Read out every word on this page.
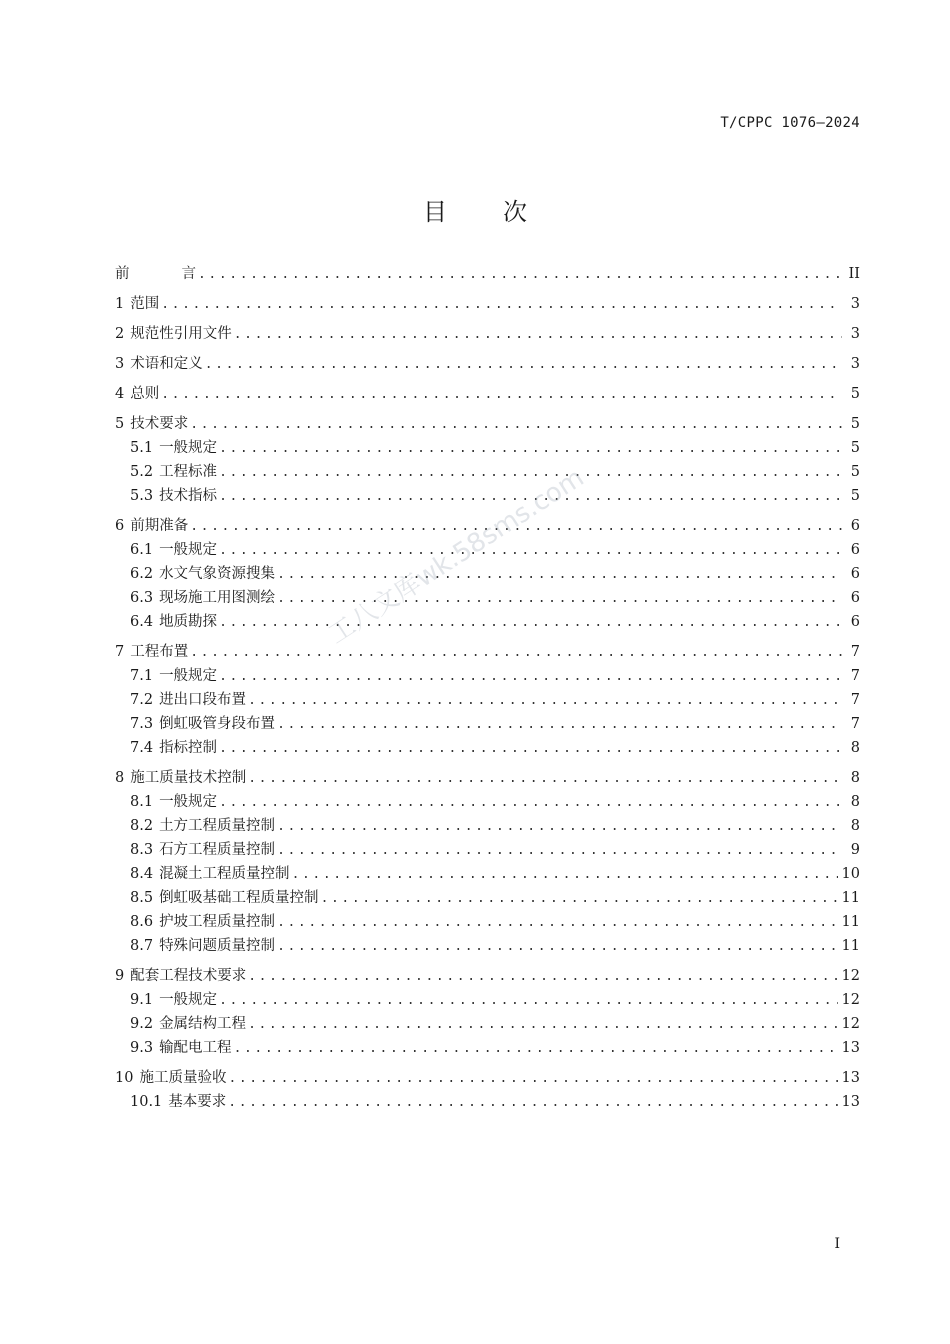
T/CPPC 1076—2024
目次
前	言 .....	II
1 范围 .....	3
2 规范性引用文件 .....	3
3 术语和定义 .....	3
4 总则 .....	5
5 技术要求 .....	5
5.1 一般规定 .....	5
5.2 工程标准 .....	5
5.3 技术指标 .....	5
6 前期准备 .....	6
6.1 一般规定 .....	6
6.2 水文气象资源搜集 .....	6
6.3 现场施工用图测绘 .....	6
6.4 地质勘探 .....	6
7 工程布置 .....	7
7.1 一般规定 .....	7
7.2 进出口段布置 .....	7
7.3 倒虹吸管身段布置 .....	7
7.4 指标控制 .....	8
8 施工质量技术控制 .....	8
8.1 一般规定 .....	8
8.2 土方工程质量控制 .....	8
8.3 石方工程质量控制 .....	9
8.4 混凝土工程质量控制 .....	10
8.5 倒虹吸基础工程质量控制 .....	11
8.6 护坡工程质量控制 .....	11
8.7 特殊问题质量控制 .....	11
9 配套工程技术要求 .....	12
9.1 一般规定 .....	12
9.2 金属结构工程 .....	12
9.3 输配电工程 .....	13
10 施工质量验收 .....	13
10.1 基本要求 .....	13
工八文库wk.58sms.com
I
